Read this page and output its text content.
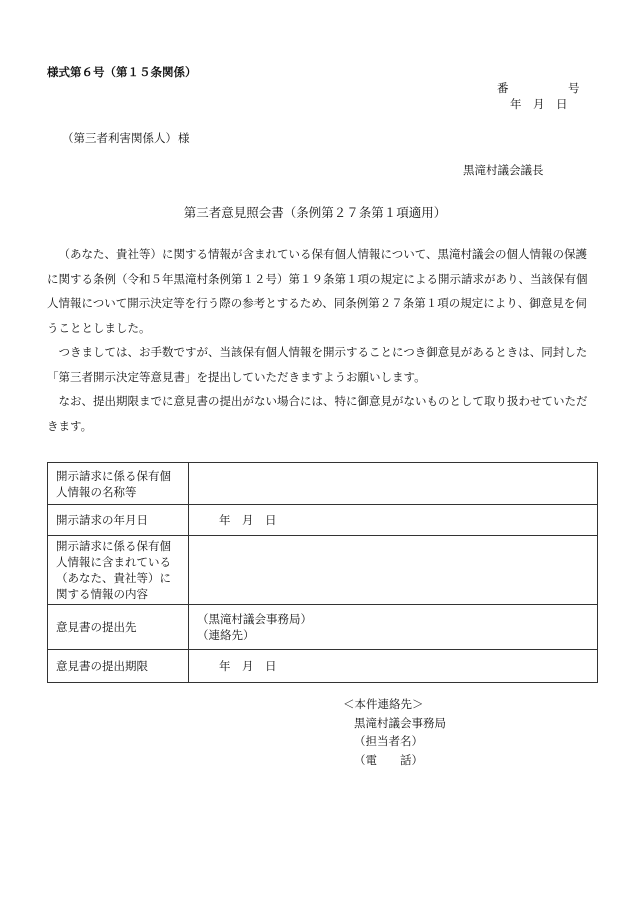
様式第６号（第１５条関係）
番	号
年　月　日
（第三者利害関係人） 様
黒滝村議会議長
第三者意見照会書（条例第２７条第１項適用）

（あなた、貴社等）に関する情報が含まれている保有個人情報について、黒滝村議会の個人情報の保護に関する条例（令和５年黒滝村条例第１２号）第１９条第１項の規定による開示請求があり、当該保有個人情報について開示決定等を行う際の参考とするため、同条例第２７条第１項の規定により、御意見を伺うこととしました。

つきましては、お手数ですが、当該保有個人情報を開示することにつき御意見があるときは、同封した「第三者開示決定等意見書」を提出していただきますようお願いします。

なお、提出期限までに意見書の提出がない場合には、特に御意見がないものとして取り扱わせていただきます。

開示請求に係る保有個人情報の名称等	
開示請求の年月日	年　月　日
開示請求に係る保有個人情報に含まれている（あなた、貴社等）に関する情報の内容	
意見書の提出先	（黒滝村議会事務局）
（連絡先）

意見書の提出期限	年　月　日
＜本件連絡先＞
黒滝村議会事務局
（担当者名）
（電　　話）
